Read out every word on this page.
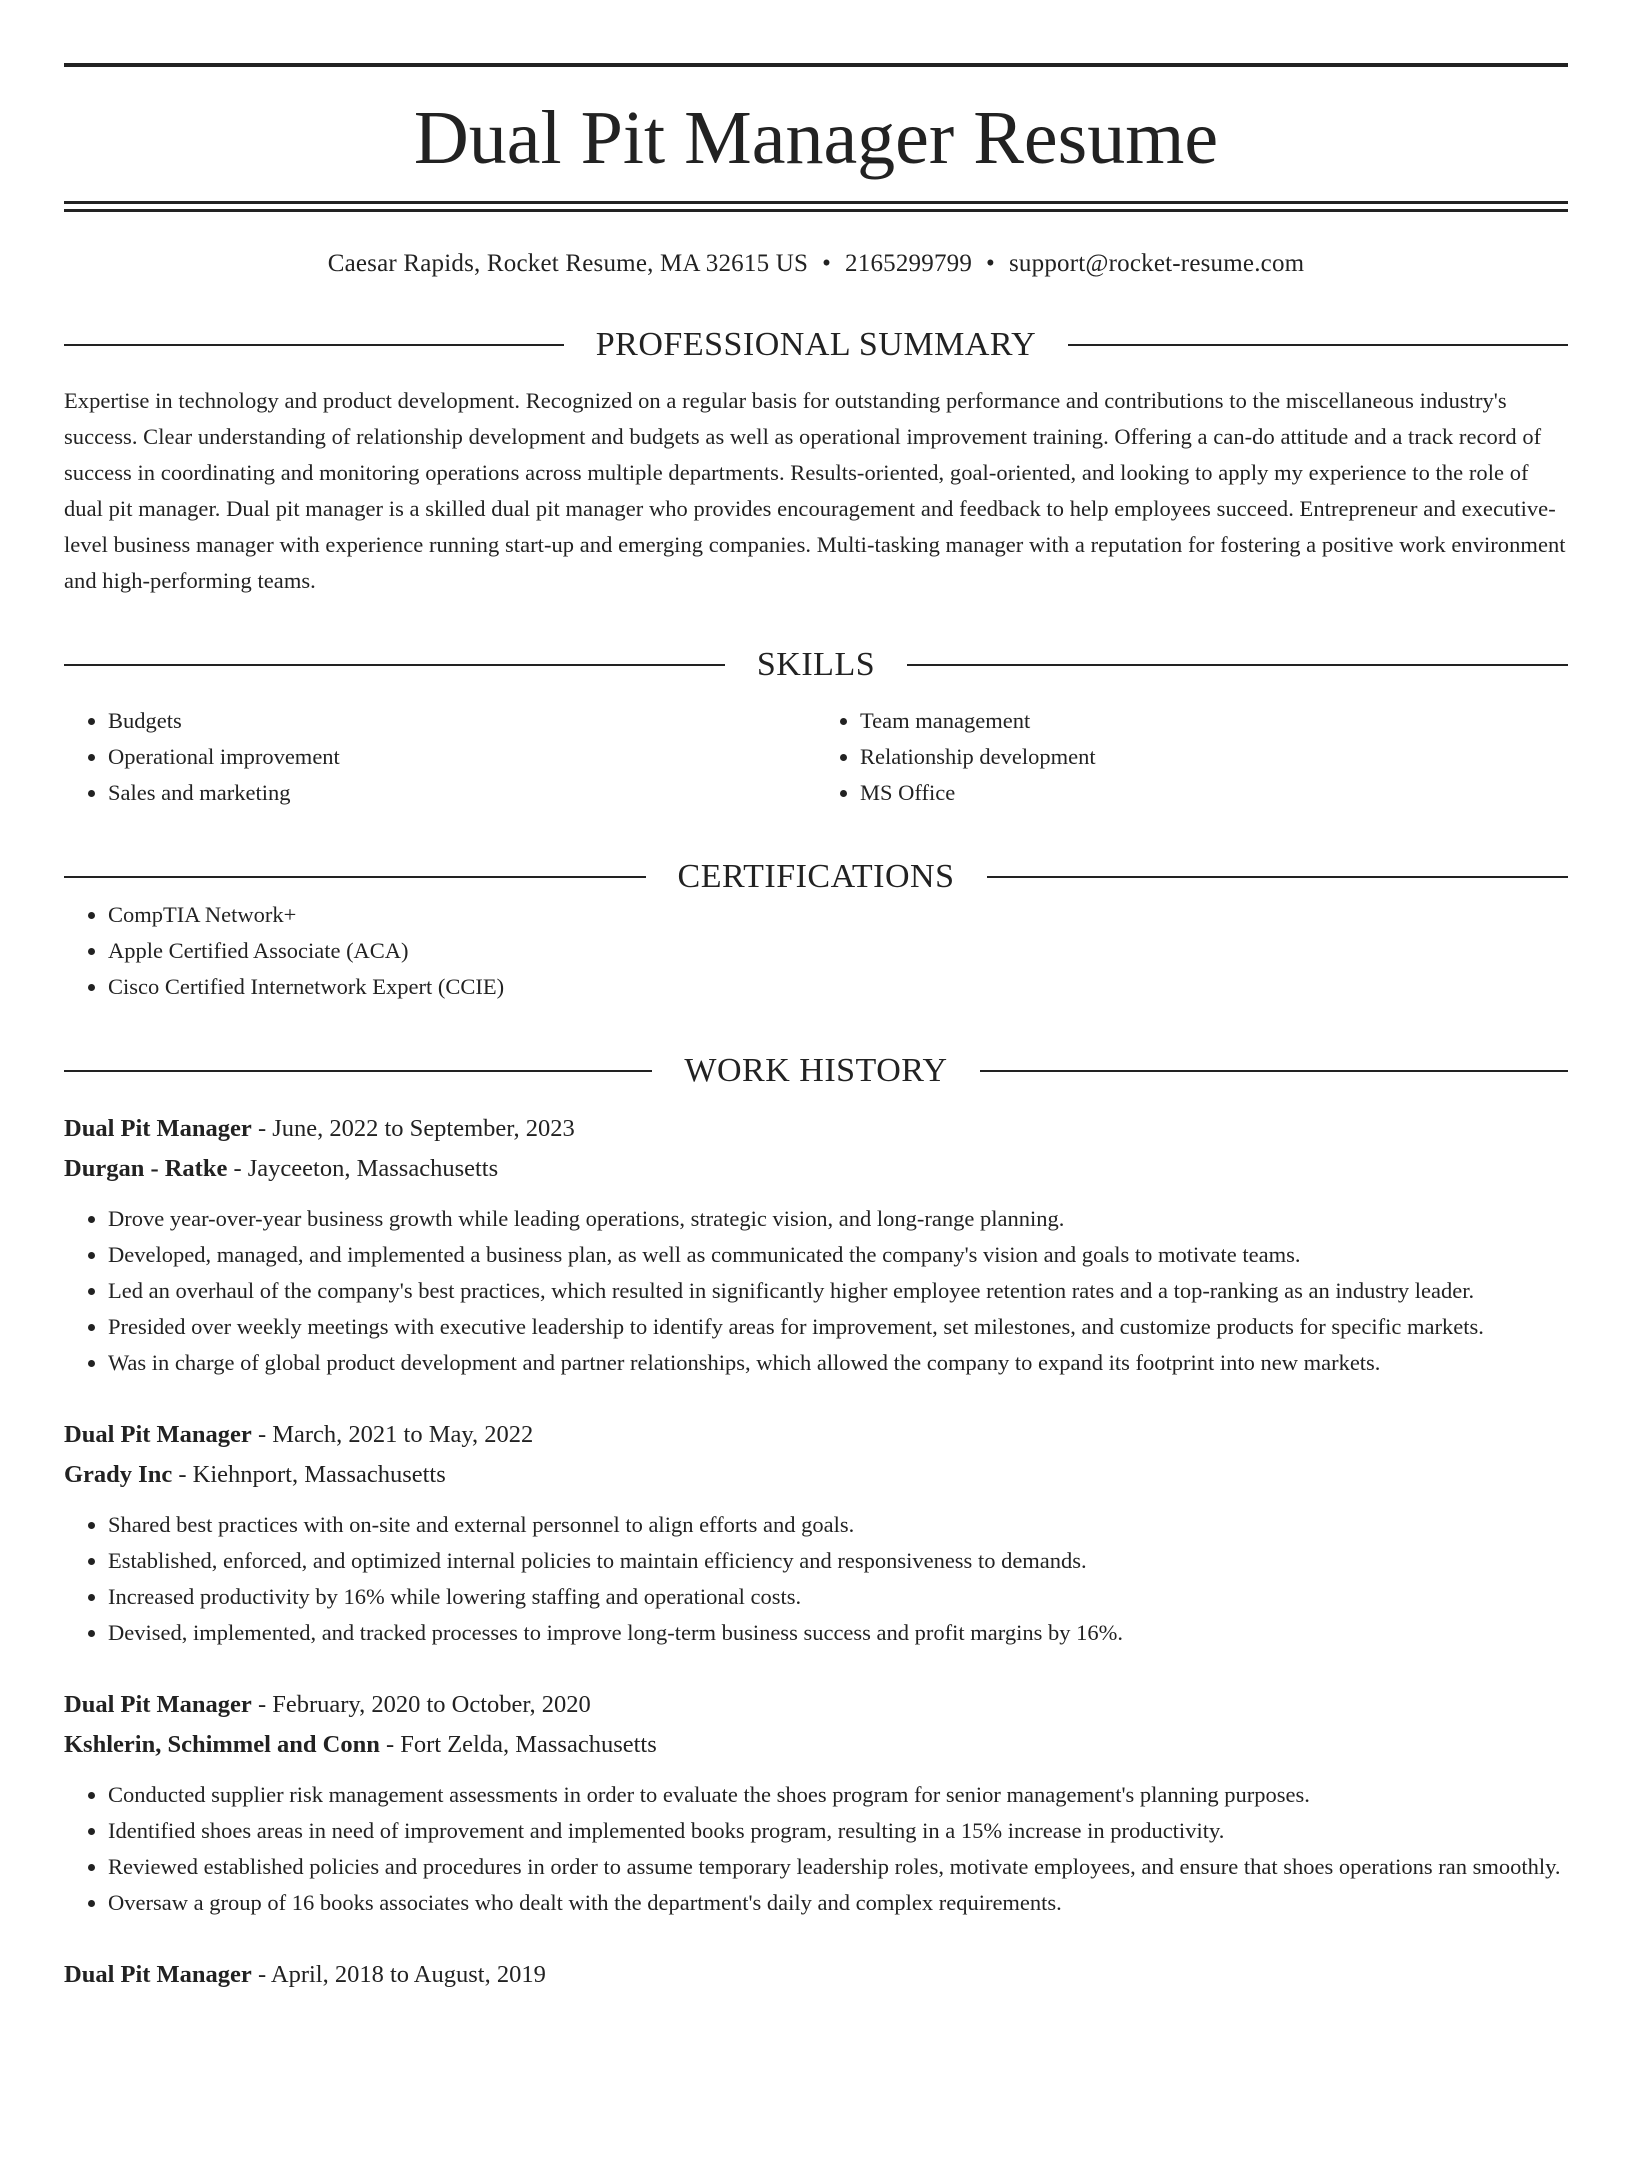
Dual Pit Manager Resume
Caesar Rapids, Rocket Resume, MA 32615 US • 2165299799 • support@rocket-resume.com
PROFESSIONAL SUMMARY

Expertise in technology and product development. Recognized on a regular basis for outstanding performance and contributions to the miscellaneous industry's success. Clear understanding of relationship development and budgets as well as operational improvement training. Offering a can-do attitude and a track record of success in coordinating and monitoring operations across multiple departments. Results-oriented, goal-oriented, and looking to apply my experience to the role of dual pit manager. Dual pit manager is a skilled dual pit manager who provides encouragement and feedback to help employees succeed. Entrepreneur and executive-level business manager with experience running start-up and emerging companies. Multi-tasking manager with a reputation for fostering a positive work environment and high-performing teams.

SKILLS
• Budgets
• Operational improvement
• Sales and marketing
• Team management
• Relationship development
• MS Office
CERTIFICATIONS
• CompTIA Network+
• Apple Certified Associate (ACA)
• Cisco Certified Internetwork Expert (CCIE)
WORK HISTORY
Dual Pit Manager - June, 2022 to September, 2023
Durgan - Ratke - Jayceeton, Massachusetts
• Drove year-over-year business growth while leading operations, strategic vision, and long-range planning.
• Developed, managed, and implemented a business plan, as well as communicated the company's vision and goals to motivate teams.
• Led an overhaul of the company's best practices, which resulted in significantly higher employee retention rates and a top-ranking as an industry leader.
• Presided over weekly meetings with executive leadership to identify areas for improvement, set milestones, and customize products for specific markets.
• Was in charge of global product development and partner relationships, which allowed the company to expand its footprint into new markets.
Dual Pit Manager - March, 2021 to May, 2022
Grady Inc - Kiehnport, Massachusetts
• Shared best practices with on-site and external personnel to align efforts and goals.
• Established, enforced, and optimized internal policies to maintain efficiency and responsiveness to demands.
• Increased productivity by 16% while lowering staffing and operational costs.
• Devised, implemented, and tracked processes to improve long-term business success and profit margins by 16%.
Dual Pit Manager - February, 2020 to October, 2020
Kshlerin, Schimmel and Conn - Fort Zelda, Massachusetts
• Conducted supplier risk management assessments in order to evaluate the shoes program for senior management's planning purposes.
• Identified shoes areas in need of improvement and implemented books program, resulting in a 15% increase in productivity.
• Reviewed established policies and procedures in order to assume temporary leadership roles, motivate employees, and ensure that shoes operations ran smoothly.
• Oversaw a group of 16 books associates who dealt with the department's daily and complex requirements.
Dual Pit Manager - April, 2018 to August, 2019
